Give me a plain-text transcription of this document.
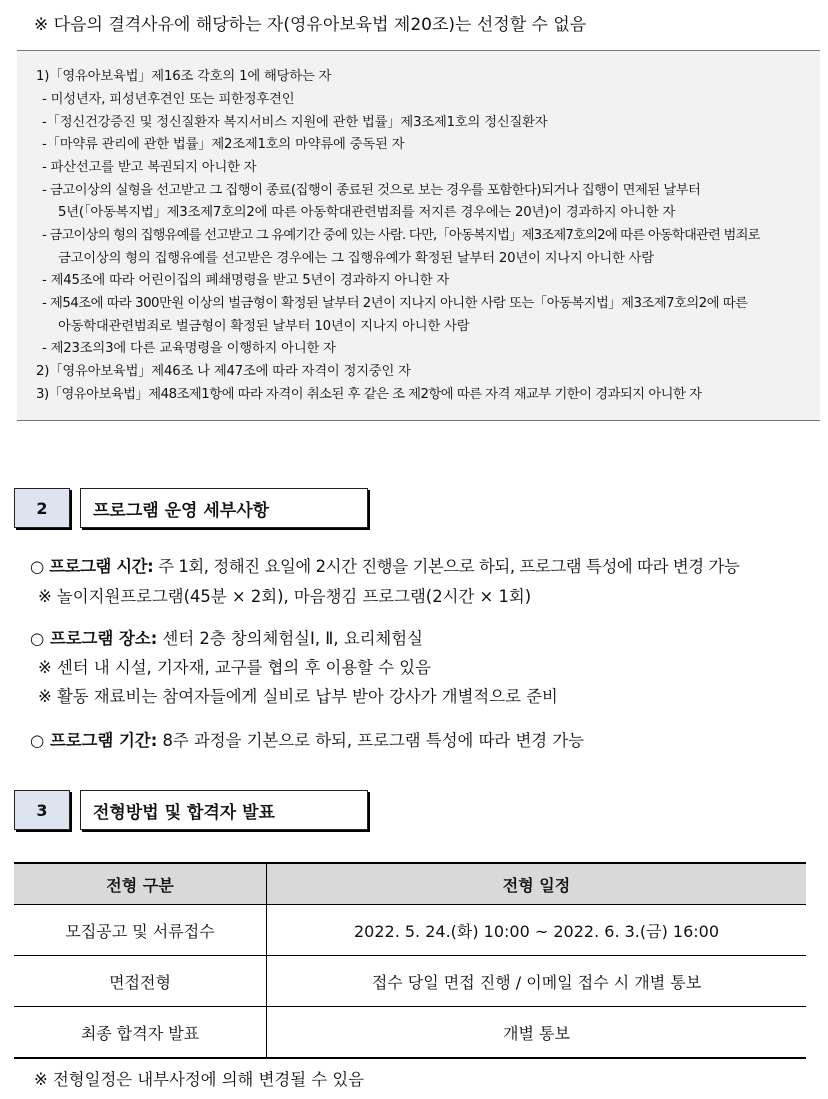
※ 다음의 결격사유에 해당하는 자(영유아보육법 제20조)는 선정할 수 없음
1)「영유아보육법」제16조 각호의 1에 해당하는 자
- 미성년자, 피성년후견인 또는 피한정후견인
-「정신건강증진 및 정신질환자 복지서비스 지원에 관한 법률」제3조제1호의 정신질환자
-「마약류 관리에 관한 법률」제2조제1호의 마약류에 중독된 자
- 파산선고를 받고 복권되지 아니한 자
- 금고이상의 실형을 선고받고 그 집행이 종료(집행이 종료된 것으로 보는 경우를 포함한다)되거나 집행이 면제된 날부터
5년(「아동복지법」제3조제7호의2에 따른 아동학대관련범죄를 저지른 경우에는 20년)이 경과하지 아니한 자
- 금고이상의 형의 집행유예를 선고받고 그 유예기간 중에 있는 사람. 다만,「아동복지법」제3조제7호의2에 따른 아동학대관련 범죄로
금고이상의 형의 집행유예를 선고받은 경우에는 그 집행유예가 확정된 날부터 20년이 지나지 아니한 사람
- 제45조에 따라 어린이집의 폐쇄명령을 받고 5년이 경과하지 아니한 자
- 제54조에 따라 300만원 이상의 벌금형이 확정된 날부터 2년이 지나지 아니한 사람 또는「아동복지법」제3조제7호의2에 따른
아동학대관련범죄로 벌금형이 확정된 날부터 10년이 지나지 아니한 사람
- 제23조의3에 다른 교육명령을 이행하지 아니한 자
2)「영유아보육법」제46조 나 제47조에 따라 자격이 정지중인 자
3)「영유아보육법」제48조제1항에 따라 자격이 취소된 후 같은 조 제2항에 따른 자격 재교부 기한이 경과되지 아니한 자
2	프로그램 운영 세부사항
○ 프로그램 시간: 주 1회, 정해진 요일에 2시간 진행을 기본으로 하되, 프로그램 특성에 따라 변경 가능
※ 놀이지원프로그램(45분 × 2회), 마음챙김 프로그램(2시간 × 1회)
○ 프로그램 장소: 센터 2층 창의체험실Ⅰ, Ⅱ, 요리체험실
※ 센터 내 시설, 기자재, 교구를 협의 후 이용할 수 있음
※ 활동 재료비는 참여자들에게 실비로 납부 받아 강사가 개별적으로 준비
○ 프로그램 기간: 8주 과정을 기본으로 하되, 프로그램 특성에 따라 변경 가능
3	전형방법 및 합격자 발표
전형 구분	전형 일정
모집공고 및 서류접수	2022. 5. 24.(화) 10:00 ~ 2022. 6. 3.(금) 16:00
면접전형	접수 당일 면접 진행 / 이메일 접수 시 개별 통보
최종 합격자 발표	개별 통보
※ 전형일정은 내부사정에 의해 변경될 수 있음
